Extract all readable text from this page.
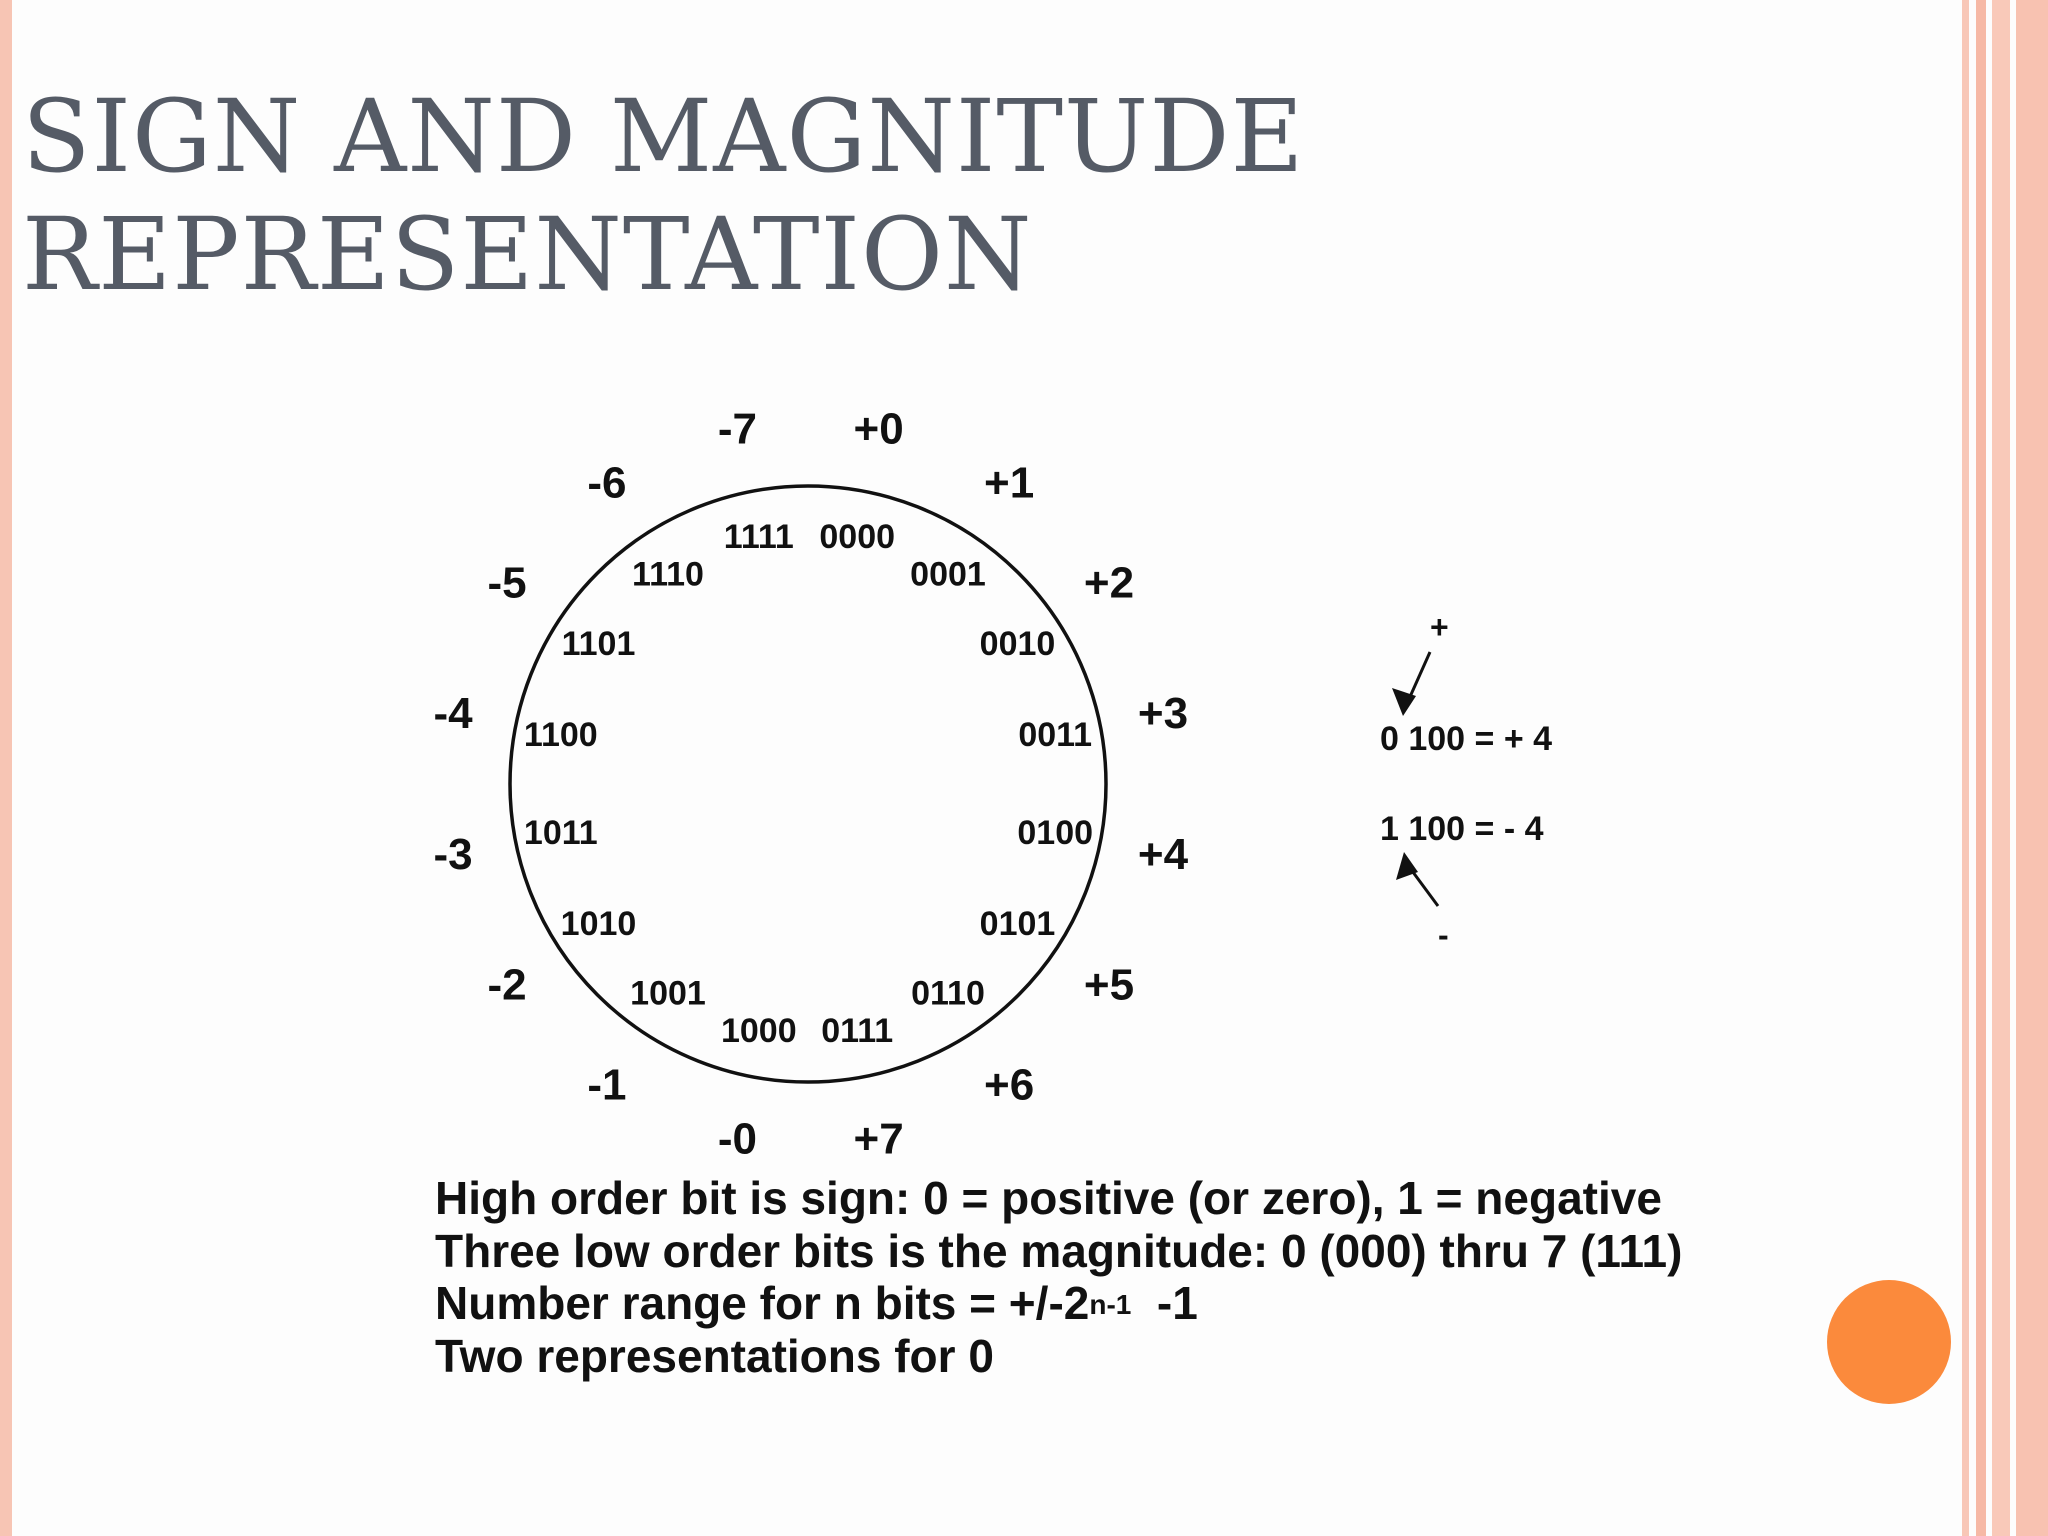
SIGN AND MAGNITUDE
REPRESENTATION
+0
0000
+1
0001 +2
0010
+3
0011
+4
0100
+5
0101
+6
0110
+7
0111
-0
1000
-1
1001
-2
1010
-3 1011
-4 1100
-5
1101
-6
1110
-7
1111
+
0 100 = + 4
1 100 = - 4
-
High order bit is sign: 0 = positive (or zero), 1 = negative
Three low order bits is the magnitude: 0 (000) thru 7 (111)
Number range for n bits = $+/-2^{n-1}$  -1
Two representations for 0
